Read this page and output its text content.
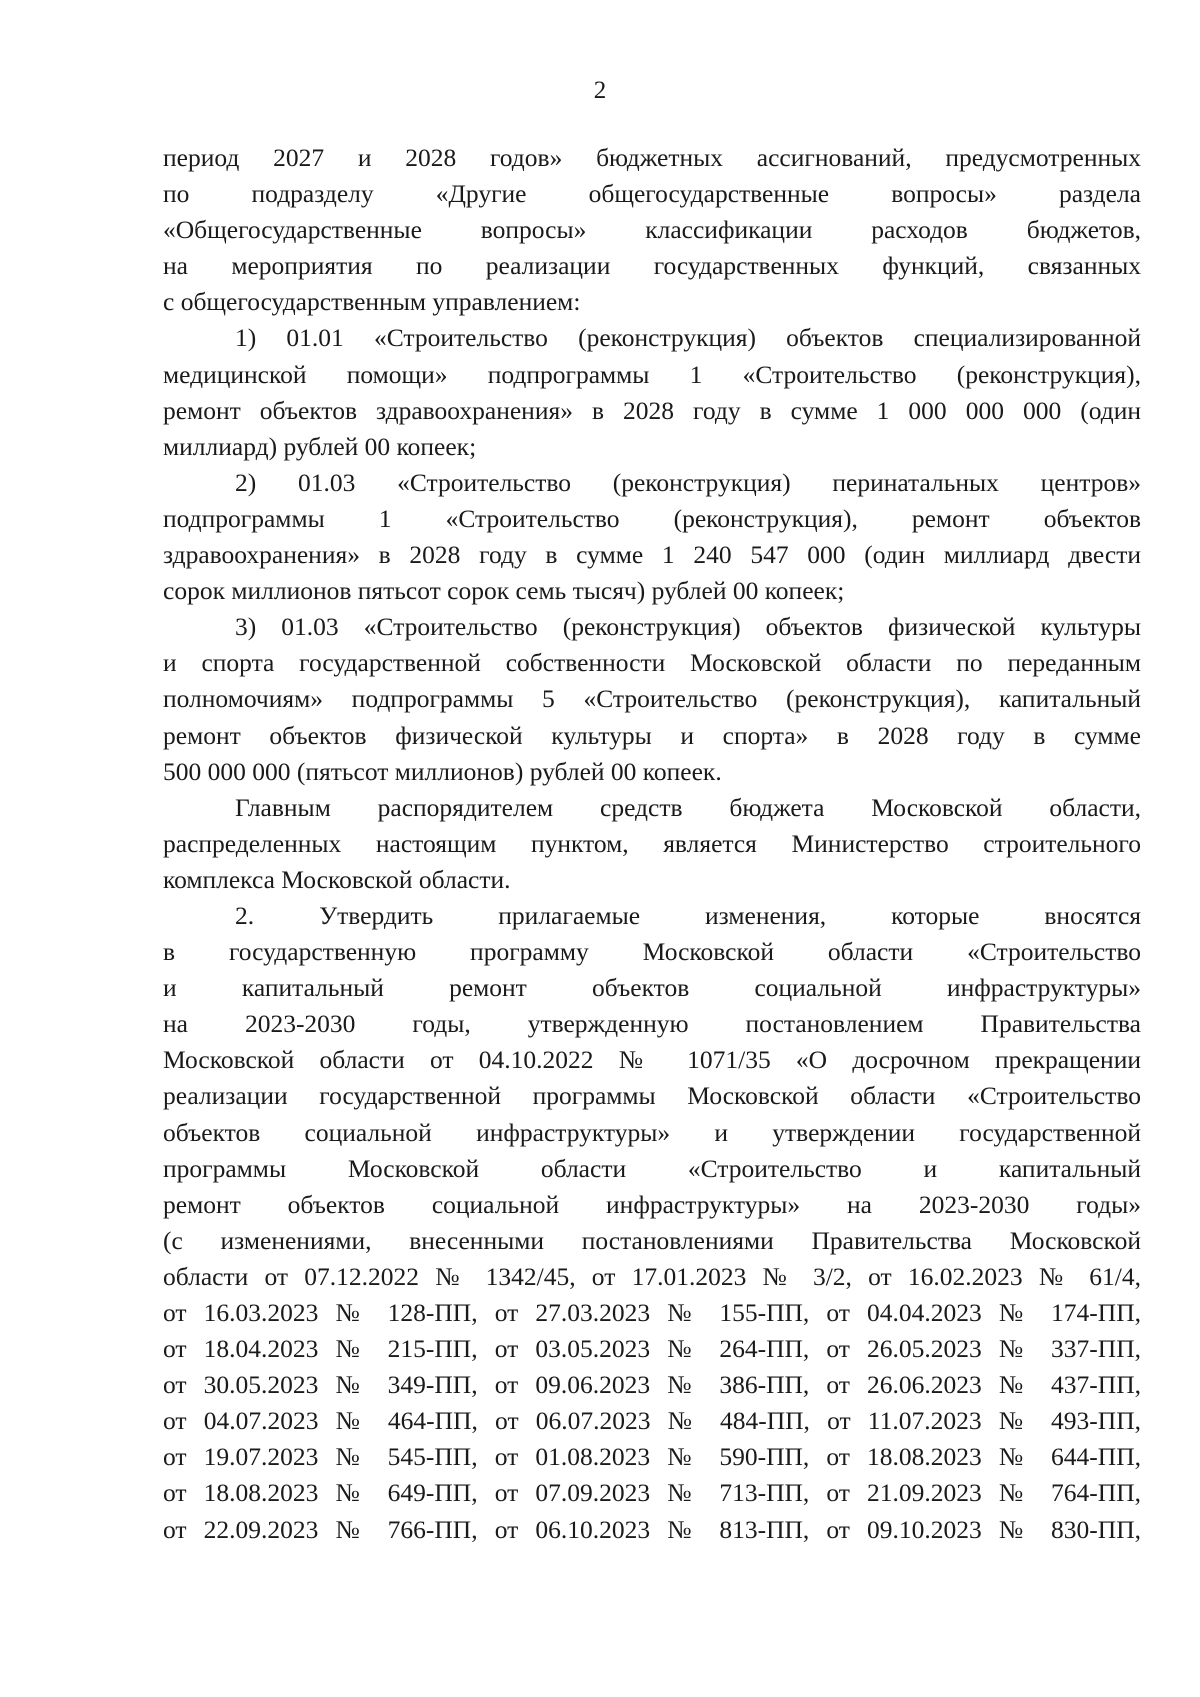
2
период 2027 и 2028 годов» бюджетных ассигнований, предусмотренных
по подразделу «Другие общегосударственные вопросы» раздела
«Общегосударственные вопросы» классификации расходов бюджетов,
на мероприятия по реализации государственных функций, связанных
с общегосударственным управлением:
1) 01.01 «Строительство (реконструкция) объектов специализированной
медицинской помощи» подпрограммы 1 «Строительство (реконструкция),
ремонт объектов здравоохранения» в 2028 году в сумме 1 000 000 000 (один
миллиард) рублей 00 копеек;
2) 01.03 «Строительство (реконструкция) перинатальных центров»
подпрограммы 1 «Строительство (реконструкция), ремонт объектов
здравоохранения» в 2028 году в сумме 1 240 547 000 (один миллиард двести
сорок миллионов пятьсот сорок семь тысяч) рублей 00 копеек;
3) 01.03 «Строительство (реконструкция) объектов физической культуры
и спорта государственной собственности Московской области по переданным
полномочиям» подпрограммы 5 «Строительство (реконструкция), капитальный
ремонт объектов физической культуры и спорта» в 2028 году в сумме
500 000 000 (пятьсот миллионов) рублей 00 копеек.
Главным распорядителем средств бюджета Московской области,
распределенных настоящим пунктом, является Министерство строительного
комплекса Московской области.
2. Утвердить прилагаемые изменения, которые вносятся
в государственную программу Московской области «Строительство
и капитальный ремонт объектов социальной инфраструктуры»
на 2023-2030 годы, утвержденную постановлением Правительства
Московской области от 04.10.2022 № 1071/35 «О досрочном прекращении
реализации государственной программы Московской области «Строительство
объектов социальной инфраструктуры» и утверждении государственной
программы Московской области «Строительство и капитальный
ремонт объектов социальной инфраструктуры» на 2023-2030 годы»
(с изменениями, внесенными постановлениями Правительства Московской
области от 07.12.2022 № 1342/45, от 17.01.2023 № 3/2, от 16.02.2023 № 61/4,
от 16.03.2023 № 128-ПП, от 27.03.2023 № 155-ПП, от 04.04.2023 № 174-ПП,
от 18.04.2023 № 215-ПП, от 03.05.2023 № 264-ПП, от 26.05.2023 № 337-ПП,
от 30.05.2023 № 349-ПП, от 09.06.2023 № 386-ПП, от 26.06.2023 № 437-ПП,
от 04.07.2023 № 464-ПП, от 06.07.2023 № 484-ПП, от 11.07.2023 № 493-ПП,
от 19.07.2023 № 545-ПП, от 01.08.2023 № 590-ПП, от 18.08.2023 № 644-ПП,
от 18.08.2023 № 649-ПП, от 07.09.2023 № 713-ПП, от 21.09.2023 № 764-ПП,
от 22.09.2023 № 766-ПП, от 06.10.2023 № 813-ПП, от 09.10.2023 № 830-ПП,
